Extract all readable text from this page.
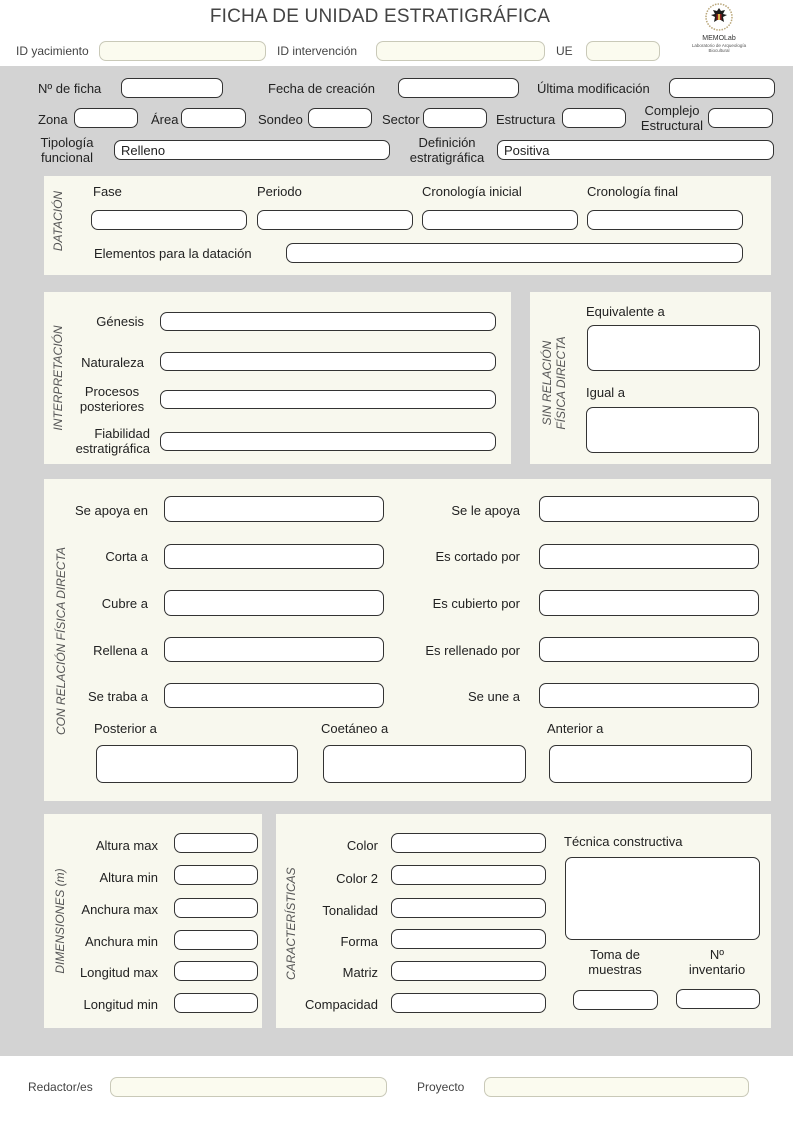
FICHA DE UNIDAD ESTRATIGRÁFICA
MEMOLab
Laboratorio de Arqueología Biocultural
ID yacimiento	ID intervención	UE
Nº de ficha	Fecha de creación	Última modificación
Zona	Área	Sondeo	Sector	Estructura
Complejo Estructural
Tipología funcional	Relleno	Definición estratigráfica	Positiva
DATACIÓN Fase	Periodo	Cronología inicial	Cronología final
Elementos para la datación
INTERPRETACIÓN
Génesis
Naturaleza
Procesos posteriores
Fiabilidad estratigráfica
SIN RELACIÓN FÍSICA DIRECTA
Equivalente a
Igual a
CON RELACIÓN FÍSICA DIRECTA
Se apoya en	Se le apoya
Corta a	Es cortado por
Cubre a	Es cubierto por
Rellena a	Es rellenado por
Se traba a	Se une a
Posterior a	Coetáneo a	Anterior a
DIMENSIONES (m)
Altura max
Altura min
Anchura max
Anchura min
Longitud max
Longitud min
CARACTERÍSTICAS
Color
Color 2
Tonalidad
Forma
Matriz
Compacidad
Técnica constructiva
Toma de muestras
Nº inventario
Redactor/es	Proyecto
